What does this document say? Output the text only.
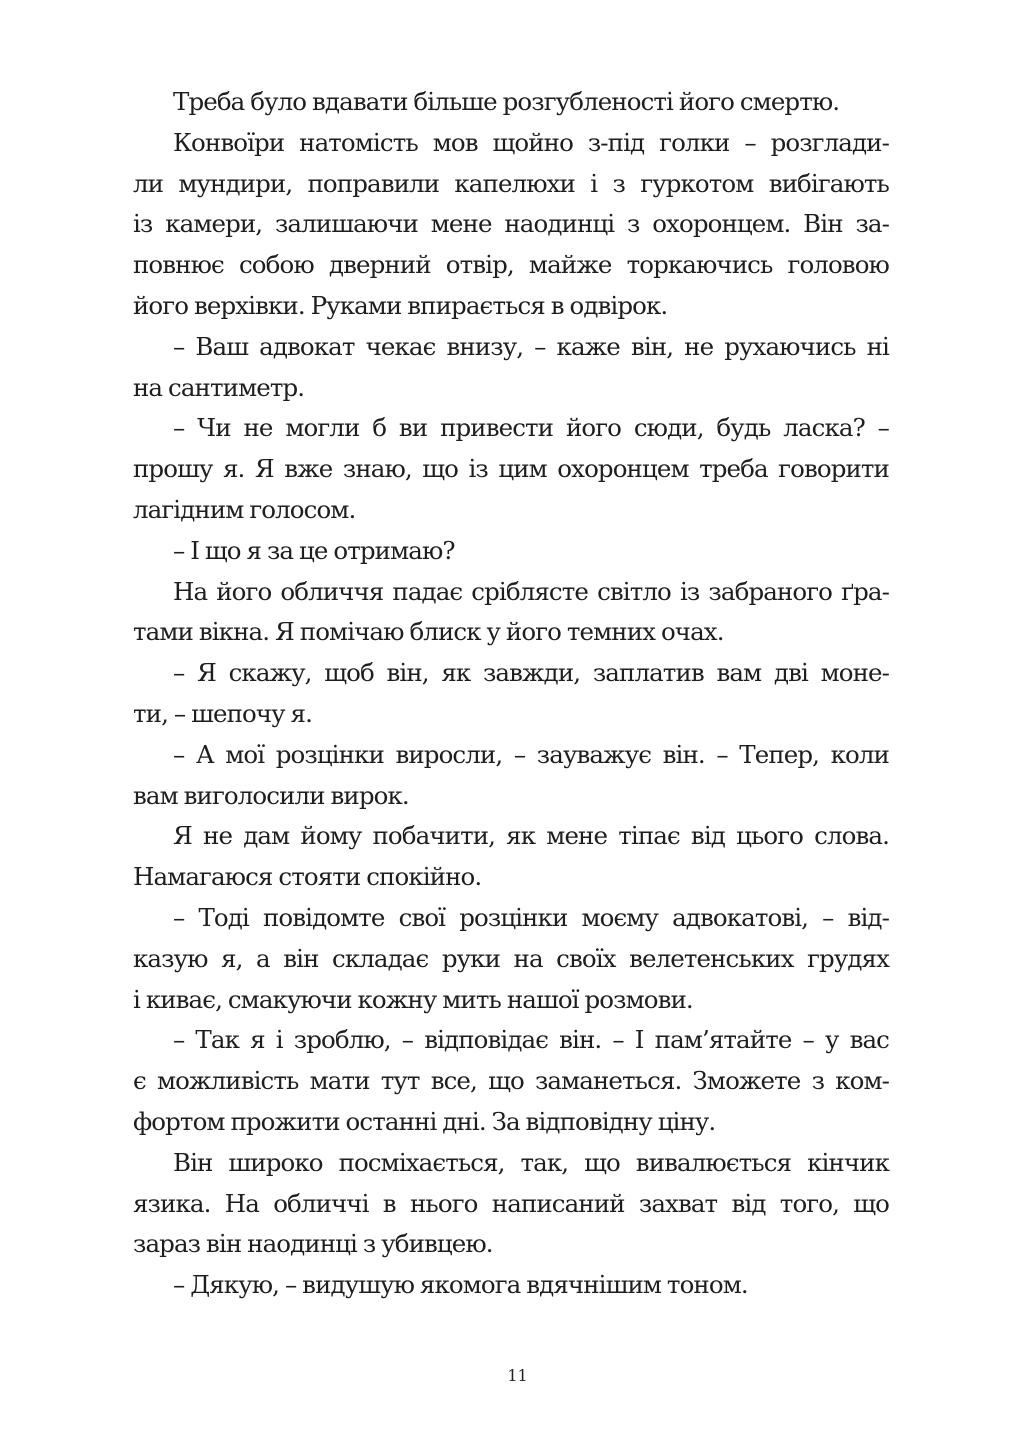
Треба було вдавати більше розгубленості його смертю.
Конвоїри натомість мов щойно з-під голки – розглади-
ли мундири, поправили капелюхи і з гуркотом вибігають
із камери, залишаючи мене наодинці з охоронцем. Він за-
повнює собою дверний отвір, майже торкаючись головою
його верхівки. Руками впирається в одвірок.
– Ваш адвокат чекає внизу, – каже він, не рухаючись ні
на сантиметр.
– Чи не могли б ви привести його сюди, будь ласка? –
прошу я. Я вже знаю, що із цим охоронцем треба говорити
лагідним голосом.
– І що я за це отримаю?
На його обличчя падає сріблясте світло із забраного ґра-
тами вікна. Я помічаю блиск у його темних очах.
– Я скажу, щоб він, як завжди, заплатив вам дві моне-
ти, – шепочу я.
– А мої розцінки виросли, – зауважує він. – Тепер, коли
вам виголосили вирок.
Я не дам йому побачити, як мене тіпає від цього слова.
Намагаюся стояти спокійно.
– Тоді повідомте свої розцінки моєму адвокатові, – від-
казую я, а він складає руки на своїх велетенських грудях
і киває, смакуючи кожну мить нашої розмови.
– Так я і зроблю, – відповідає він. – І пам’ятайте – у вас
є можливість мати тут все, що заманеться. Зможете з ком-
фортом прожити останні дні. За відповідну ціну.
Він широко посміхається, так, що вивалюється кінчик
язика. На обличчі в нього написаний захват від того, що
зараз він наодинці з убивцею.
– Дякую, – видушую якомога вдячнішим тоном.
11
